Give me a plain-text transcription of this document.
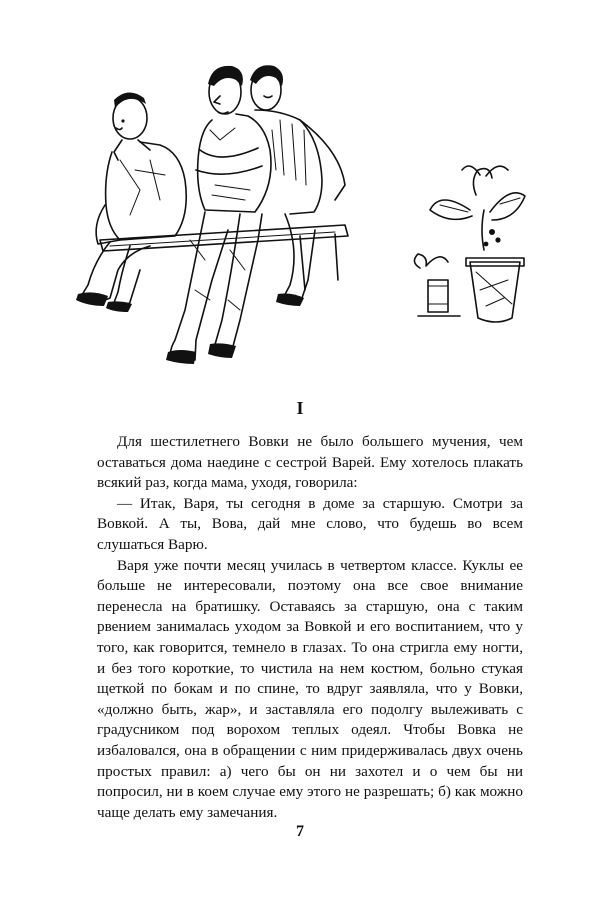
I

Для шестилетнего Вовки не было большего мучения, чем оставаться дома наедине с сестрой Варей. Ему хотелось плакать всякий раз, когда мама, уходя, говорила:

— Итак, Варя, ты сегодня в доме за старшую. Смотри за Вовкой. А ты, Вова, дай мне слово, что будешь во всем слушаться Варю.

Варя уже почти месяц училась в четвертом классе. Куклы ее больше не интересовали, поэтому она все свое внимание перенесла на братишку. Оставаясь за старшую, она с таким рвением занималась уходом за Вовкой и его воспитанием, что у того, как говорится, темнело в глазах. То она стригла ему ногти, и без того короткие, то чистила на нем костюм, больно стукая щеткой по бокам и по спине, то вдруг заявляла, что у Вовки, «должно быть, жар», и заставляла его подолгу вылеживать с градусником под ворохом теплых одеял. Чтобы Вовка не избаловался, она в обращении с ним придерживалась двух очень простых правил: а) чего бы он ни захотел и о чем бы ни попросил, ни в коем случае ему этого не разрешать; б) как можно чаще делать ему замечания.

7
